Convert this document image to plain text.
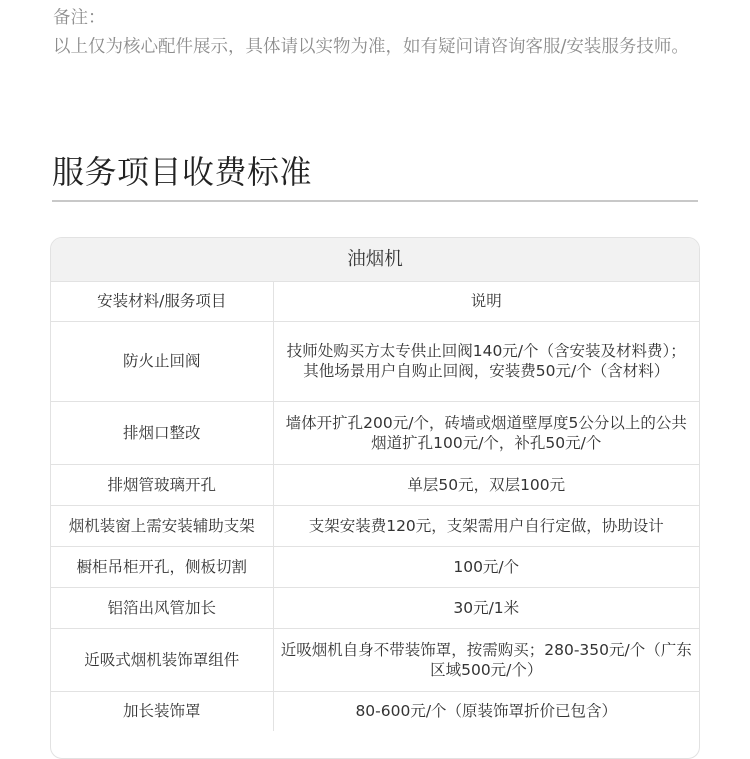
备注：

以上仅为核心配件展示，具体请以实物为准，如有疑问请咨询客服/安装服务技师。

服务项目收费标准
油烟机
安装材料/服务项目	说明
防火止回阀	技师处购买方太专供止回阀140元/个（含安装及材料费）；其他场景用户自购止回阀，安装费50元/个（含材料）
排烟口整改	墙体开扩孔200元/个，砖墙或烟道壁厚度5公分以上的公共烟道扩孔100元/个，补孔50元/个
排烟管玻璃开孔	单层50元，双层100元
烟机装窗上需安装辅助支架	支架安装费120元，支架需用户自行定做，协助设计
橱柜吊柜开孔，侧板切割	100元/个
铝箔出风管加长	30元/1米
近吸式烟机装饰罩组件	近吸烟机自身不带装饰罩，按需购买；280-350元/个（广东区域500元/个）
加长装饰罩	80-600元/个（原装饰罩折价已包含）
